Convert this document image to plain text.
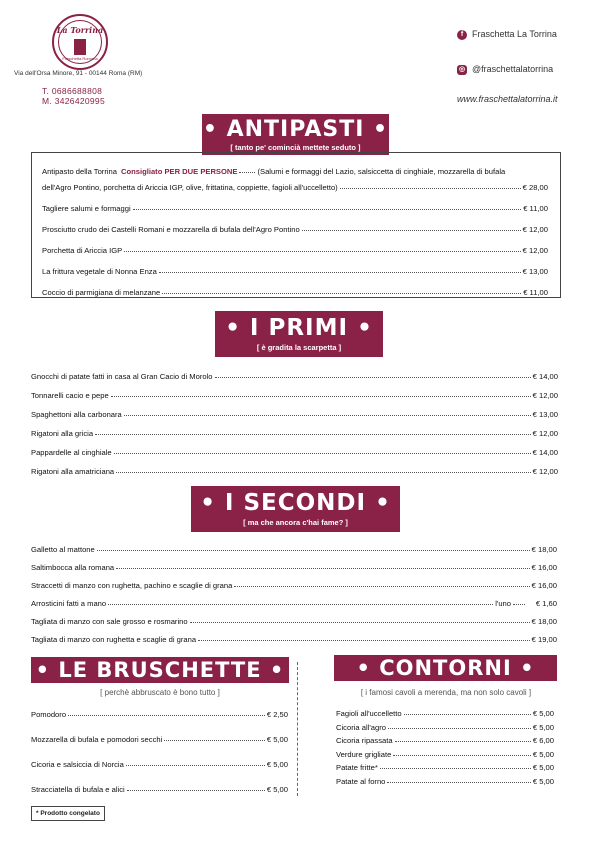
La Torrina
Fraschetta Romana
Via dell'Orsa Minore, 91 - 00144 Roma (RM)
T. 0686688808
M. 3426420995
f Fraschetta La Torrina
◎ @fraschettalatorrina
www.fraschettalatorrina.it
• ANTIPASTI •
[ tanto pe' comincià mettete seduto ]
Antipasto della Torrina Consigliato PER DUE PERSONE	(Salumi e formaggi del Lazio, salsiccetta di cinghiale, mozzarella di bufala
dell'Agro Pontino, porchetta di Ariccia IGP, olive, frittatina, coppiette, fagioli all'uccelletto)	€ 28,00
Tagliere salumi e formaggi	€ 11,00
Prosciutto crudo dei Castelli Romani e mozzarella di bufala dell'Agro Pontino	€ 12,00
Porchetta di Ariccia IGP	€ 12,00
La frittura vegetale di Nonna Enza	€ 13,00
Coccio di parmigiana di melanzane	€ 11,00
• I PRIMI •
[ è gradita la scarpetta ]
Gnocchi di patate fatti in casa al Gran Cacio di Morolo	€ 14,00
Tonnarelli cacio e pepe	€ 12,00
Spaghettoni alla carbonara	€ 13,00
Rigatoni alla gricia	€ 12,00
Pappardelle al cinghiale	€ 14,00
Rigatoni alla amatriciana	€ 12,00
• I SECONDI •
[ ma che ancora c'hai fame? ]
Galletto al mattone	€ 18,00
Saltimbocca alla romana	€ 16,00
Straccetti di manzo con rughetta, pachino e scaglie di grana	€ 16,00
Arrosticini fatti a mano	l'uno	€ 1,60
Tagliata di manzo con sale grosso e rosmarino	€ 18,00
Tagliata di manzo con rughetta e scaglie di grana	€ 19,00
• LE BRUSCHETTE •
[ perchè abbruscato è bono tutto ]
Pomodoro	€ 2,50
Mozzarella di bufala e pomodori secchi	€ 5,00
Cicoria e salsiccia di Norcia	€ 5,00
Stracciatella di bufala e alici	€ 5,00
• CONTORNI •
[ i famosi cavoli a merenda, ma non solo cavoli ]
Fagioli all'uccelletto	€ 5,00
Cicoria all'agro	€ 5,00
Cicoria ripassata	€ 6,00
Verdure grigliate	€ 5,00
Patate fritte*	€ 5,00
Patate al forno	€ 5,00
* Prodotto congelato
